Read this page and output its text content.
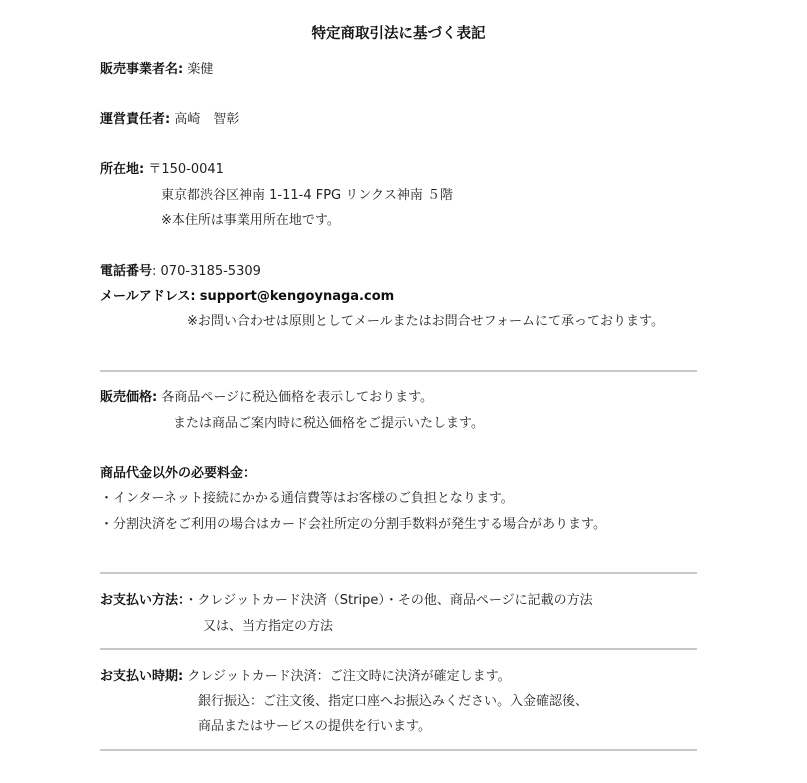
特定商取引法に基づく表記
販売事業者名: 楽健
運営責任者: 高崎　智彰
所在地: 〒150-0041
東京都渋谷区神南 1-11-4 FPG リンクス神南 ５階
※本住所は事業用所在地です。
電話番号: 070-3185-5309
メールアドレス: support@kengoynaga.com
※お問い合わせは原則としてメールまたはお問合せフォームにて承っております。
販売価格: 各商品ページに税込価格を表示しております。
または商品ご案内時に税込価格をご提示いたします。
商品代金以外の必要料金：
・インターネット接続にかかる通信費等はお客様のご負担となります。
・分割決済をご利用の場合はカード会社所定の分割手数料が発生する場合があります。
お支払い方法：・クレジットカード決済（Stripe）・その他、商品ページに記載の方法
又は、当方指定の方法
お支払い時期: クレジットカード決済：ご注文時に決済が確定します。
銀行振込：ご注文後、指定口座へお振込みください。入金確認後、
商品またはサービスの提供を行います。
